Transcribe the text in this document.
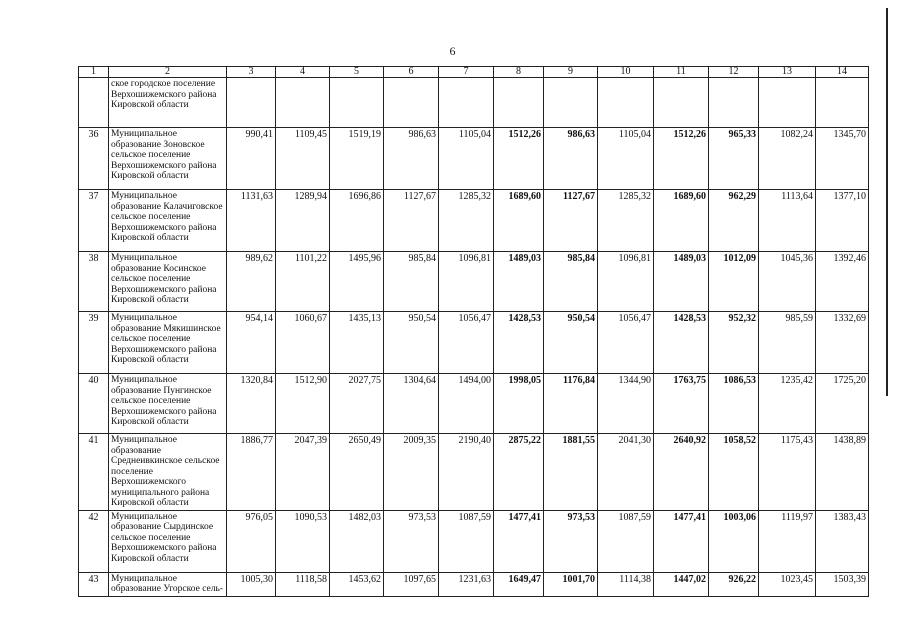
6
1	2	3	4	5	6	7	8	9	10	11	12	13	14
	ское городское поселение Верхошижемского района Кировской области												
36	Муниципальное образование Зоновское сельское поселение Верхошижемского района Кировской области	990,41	1109,45	1519,19	986,63	1105,04	1512,26	986,63	1105,04	1512,26	965,33	1082,24	1345,70
37	Муниципальное образование Калачиговское сельское поселение Верхошижемского района Кировской области	1131,63	1289,94	1696,86	1127,67	1285,32	1689,60	1127,67	1285,32	1689,60	962,29	1113,64	1377,10
38	Муниципальное образование Косинское сельское поселение Верхошижемского района Кировской области	989,62	1101,22	1495,96	985,84	1096,81	1489,03	985,84	1096,81	1489,03	1012,09	1045,36	1392,46
39	Муниципальное образование Мякишинское сельское поселение Верхошижемского района Кировской области	954,14	1060,67	1435,13	950,54	1056,47	1428,53	950,54	1056,47	1428,53	952,32	985,59	1332,69
40	Муниципальное образование Пунгинское сельское поселение Верхошижемского района Кировской области	1320,84	1512,90	2027,75	1304,64	1494,00	1998,05	1176,84	1344,90	1763,75	1086,53	1235,42	1725,20
41	Муниципальное образование Среднеивкинское сельское поселение Верхошижемского муниципального района Кировской области	1886,77	2047,39	2650,49	2009,35	2190,40	2875,22	1881,55	2041,30	2640,92	1058,52	1175,43	1438,89
42	Муниципальное образование Сырдинское сельское поселение Верхошижемского района Кировской области	976,05	1090,53	1482,03	973,53	1087,59	1477,41	973,53	1087,59	1477,41	1003,06	1119,97	1383,43
43	Муниципальное образование Угорское сель-	1005,30	1118,58	1453,62	1097,65	1231,63	1649,47	1001,70	1114,38	1447,02	926,22	1023,45	1503,39
